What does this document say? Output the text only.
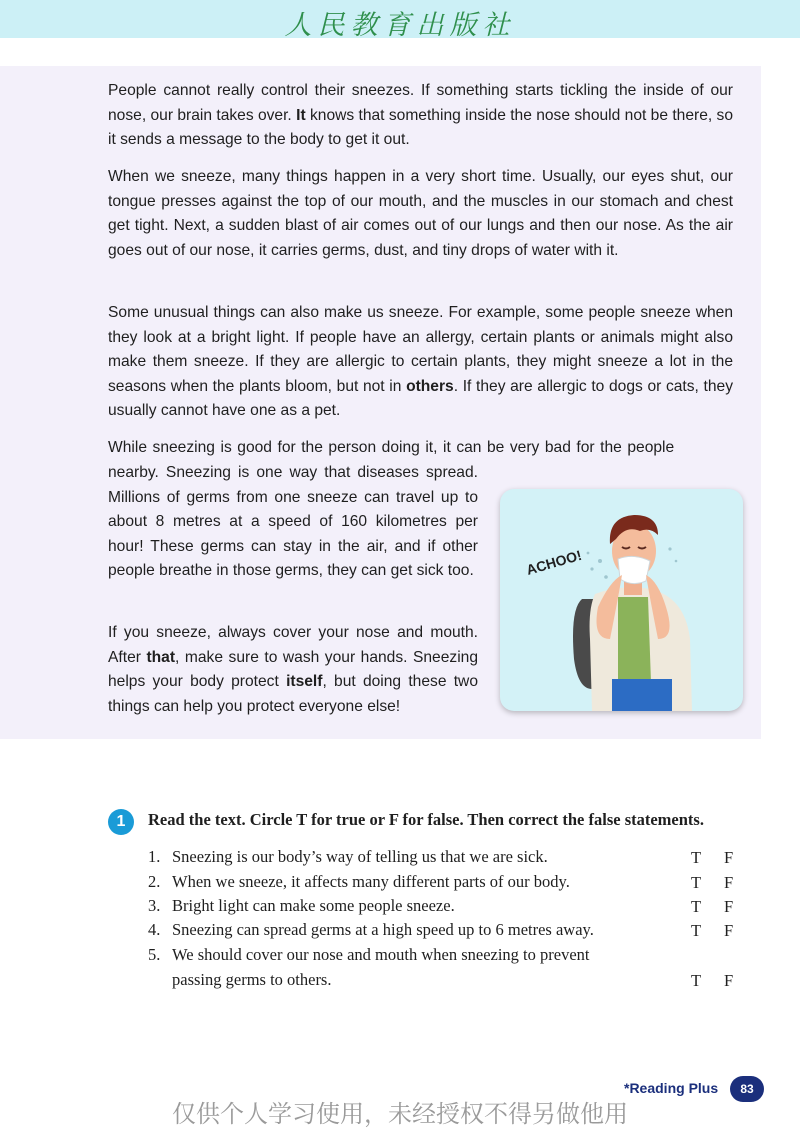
人民教育出版社

People cannot really control their sneezes. If something starts tickling the inside of our nose, our brain takes over. It knows that something inside the nose should not be there, so it sends a message to the body to get it out.

When we sneeze, many things happen in a very short time. Usually, our eyes shut, our tongue presses against the top of our mouth, and the muscles in our stomach and chest get tight. Next, a sudden blast of air comes out of our lungs and then our nose. As the air goes out of our nose, it carries germs, dust, and tiny drops of water with it.

Some unusual things can also make us sneeze. For example, some people sneeze when they look at a bright light. If people have an allergy, certain plants or animals might also make them sneeze. If they are allergic to certain plants, they might sneeze a lot in the seasons when the plants bloom, but not in others. If they are allergic to dogs or cats, they usually cannot have one as a pet.

While sneezing is good for the person doing it, it can be very bad for the people

nearby. Sneezing is one way that diseases spread. Millions of germs from one sneeze can travel up to about 8 metres at a speed of 160 kilometres per hour! These germs can stay in the air, and if other people breathe in those germs, they can get sick too.

If you sneeze, always cover your nose and mouth. After that, make sure to wash your hands. Sneezing helps your body protect itself, but doing these two things can help you protect everyone else!

ACHOO!
1	Read the text. Circle T for true or F for false. Then correct the false statements.
1. Sneezing is our body’s way of telling us that we are sick.
2. When we sneeze, it affects many different parts of our body.
3. Bright light can make some people sneeze.
4. Sneezing can spread germs at a high speed up to 6 metres away.
5. We should cover our nose and mouth when sneezing to prevent
passing germs to others.
T F
T F
T F
T F
T F
*Reading Plus	83
仅供个人学习使用，未经授权不得另做他用
